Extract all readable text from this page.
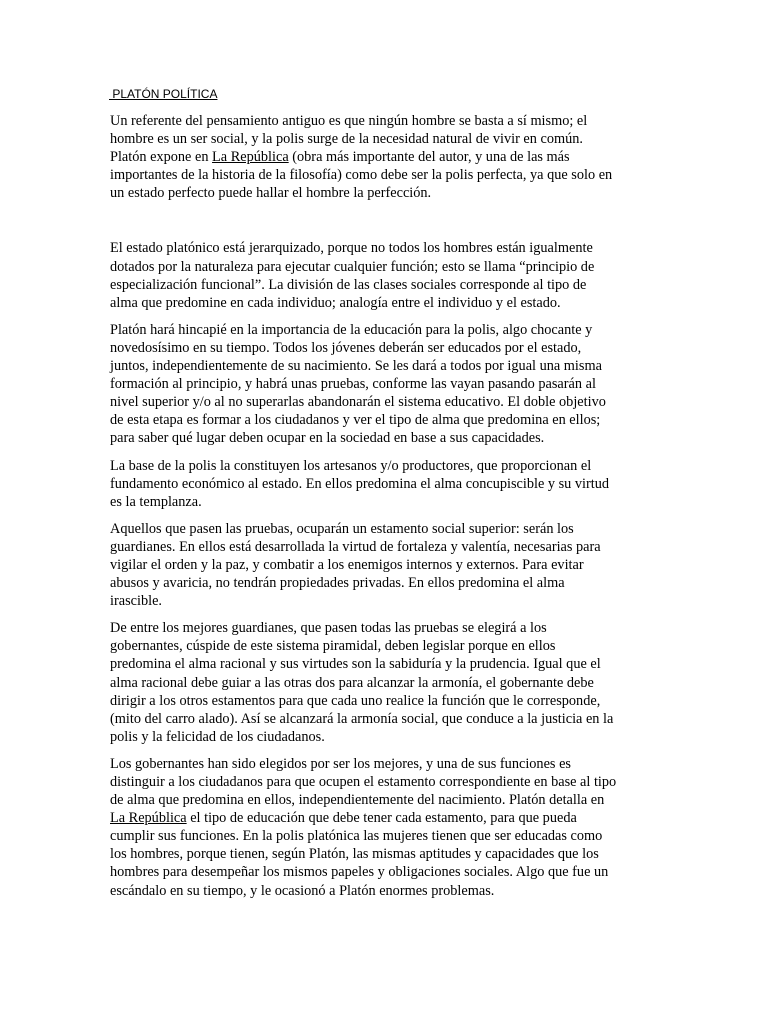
PLATÓN POLÍTICA

Un referente del pensamiento antiguo es que ningún hombre se basta a sí mismo; el
hombre es un ser social, y la polis surge de la necesidad natural de vivir en común.
Platón expone en La República (obra más importante del autor, y una de las más
importantes de la historia de la filosofía) como debe ser la polis perfecta, ya que solo en
un estado perfecto puede hallar el hombre la perfección.

El estado platónico está jerarquizado, porque no todos los hombres están igualmente
dotados por la naturaleza para ejecutar cualquier función; esto se llama “principio de
especialización funcional”. La división de las clases sociales corresponde al tipo de
alma que predomine en cada individuo; analogía entre el individuo y el estado.

Platón hará hincapié en la importancia de la educación para la polis, algo chocante y
novedosísimo en su tiempo. Todos los jóvenes deberán ser educados por el estado,
juntos, independientemente de su nacimiento. Se les dará a todos por igual una misma
formación al principio, y habrá unas pruebas, conforme las vayan pasando pasarán al
nivel superior y/o al no superarlas abandonarán el sistema educativo. El doble objetivo
de esta etapa es formar a los ciudadanos y ver el tipo de alma que predomina en ellos;
para saber qué lugar deben ocupar en la sociedad en base a sus capacidades.

La base de la polis la constituyen los artesanos y/o productores, que proporcionan el
fundamento económico al estado. En ellos predomina el alma concupiscible y su virtud
es la templanza.

Aquellos que pasen las pruebas, ocuparán un estamento social superior: serán los
guardianes. En ellos está desarrollada la virtud de fortaleza y valentía, necesarias para
vigilar el orden y la paz, y combatir a los enemigos internos y externos. Para evitar
abusos y avaricia, no tendrán propiedades privadas. En ellos predomina el alma
irascible.

De entre los mejores guardianes, que pasen todas las pruebas se elegirá a los
gobernantes, cúspide de este sistema piramidal, deben legislar porque en ellos
predomina el alma racional y sus virtudes son la sabiduría y la prudencia. Igual que el
alma racional debe guiar a las otras dos para alcanzar la armonía, el gobernante debe
dirigir a los otros estamentos para que cada uno realice la función que le corresponde,
(mito del carro alado). Así se alcanzará la armonía social, que conduce a la justicia en la
polis y la felicidad de los ciudadanos.

Los gobernantes han sido elegidos por ser los mejores, y una de sus funciones es
distinguir a los ciudadanos para que ocupen el estamento correspondiente en base al tipo
de alma que predomina en ellos, independientemente del nacimiento. Platón detalla en
La República el tipo de educación que debe tener cada estamento, para que pueda
cumplir sus funciones. En la polis platónica las mujeres tienen que ser educadas como
los hombres, porque tienen, según Platón, las mismas aptitudes y capacidades que los
hombres para desempeñar los mismos papeles y obligaciones sociales. Algo que fue un
escándalo en su tiempo, y le ocasionó a Platón enormes problemas.
